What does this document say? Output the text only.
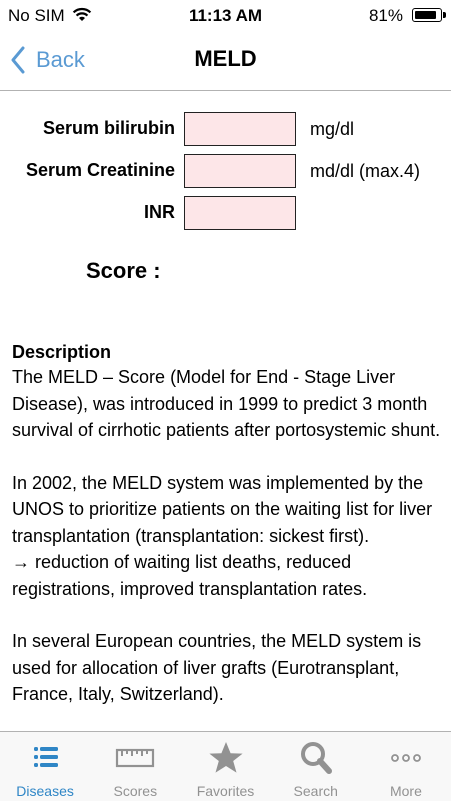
No SIM	11:13 AM	81%
Back	MELD
Serum bilirubin	mg/dl
Serum Creatinine	md/dl (max.4)
INR
Score :
Description

The MELD – Score (Model for End - Stage Liver Disease), was introduced in 1999 to predict 3 month survival of cirrhotic patients after portosystemic shunt.

In 2002, the MELD system was implemented by the UNOS to prioritize patients on the waiting list for liver transplantation (transplantation: sickest first).

→ reduction of waiting list deaths, reduced registrations, improved transplantation rates.

In several European countries, the MELD system is used for allocation of liver grafts (Eurotransplant, France, Italy, Switzerland).

Diseases	Scores	Favorites	Search	More
